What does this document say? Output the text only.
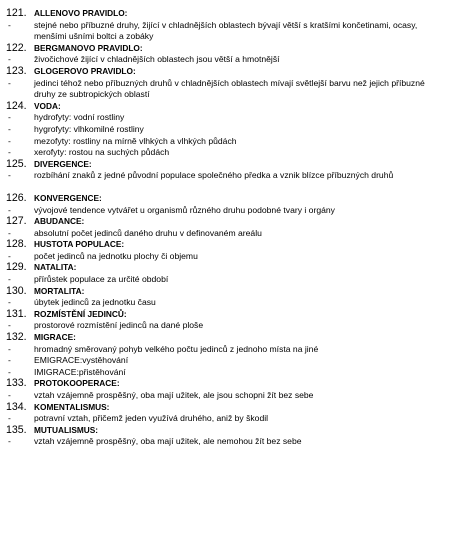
121. ALLENOVO PRAVIDLO:
-	stejné nebo příbuzné druhy, žijící v chladnějších oblastech bývají větší s kratšími končetinami, ocasy, menšími ušními boltci a zobáky
122. BERGMANOVO PRAVIDLO:
-	živočichové žijící v chladnějších oblastech jsou větší a hmotnější
123. GLOGEROVO PRAVIDLO:
-	jedinci téhož nebo příbuzných druhů v chladnějších oblastech mívají světlejší barvu než jejich příbuzné druhy ze subtropických oblastí
124. VODA:
-	hydrofyty: vodní rostliny
-	hygrofyty: vlhkomilné rostliny
-	mezofyty: rostliny na mírně vlhkých a vlhkých půdách
-	xerofyty: rostou na suchých půdách
125. DIVERGENCE:
-	rozbíhání znaků z jedné původní populace společného předka a vznik blízce příbuzných druhů
126. KONVERGENCE:
-	vývojové tendence vytvářet u organismů různého druhu podobné tvary i orgány
127. ABUDANCE:
-	absolutní počet jedinců daného druhu v definovaném areálu
128. HUSTOTA POPULACE:
-	počet jedinců na jednotku plochy či objemu
129. NATALITA:
-	přírůstek populace za určité období
130. MORTALITA:
-	úbytek jedinců za jednotku času
131. ROZMÍSTĚNÍ JEDINCŮ:
-	prostorové rozmístění jedinců na dané ploše
132. MIGRACE:
-	hromadný směrovaný pohyb velkého počtu jedinců z jednoho místa na jiné
-	EMIGRACE:vystěhování
-	IMIGRACE:přistěhování
133. PROTOKOOPERACE:
-	vztah vzájemně prospěšný, oba mají užitek, ale jsou schopni žít bez sebe
134. KOMENTALISMUS:
-	potravní vztah, přičemž jeden využívá druhého, aniž by škodil
135. MUTUALISMUS:
-	vztah vzájemně prospěšný, oba mají užitek, ale nemohou žít bez sebe
